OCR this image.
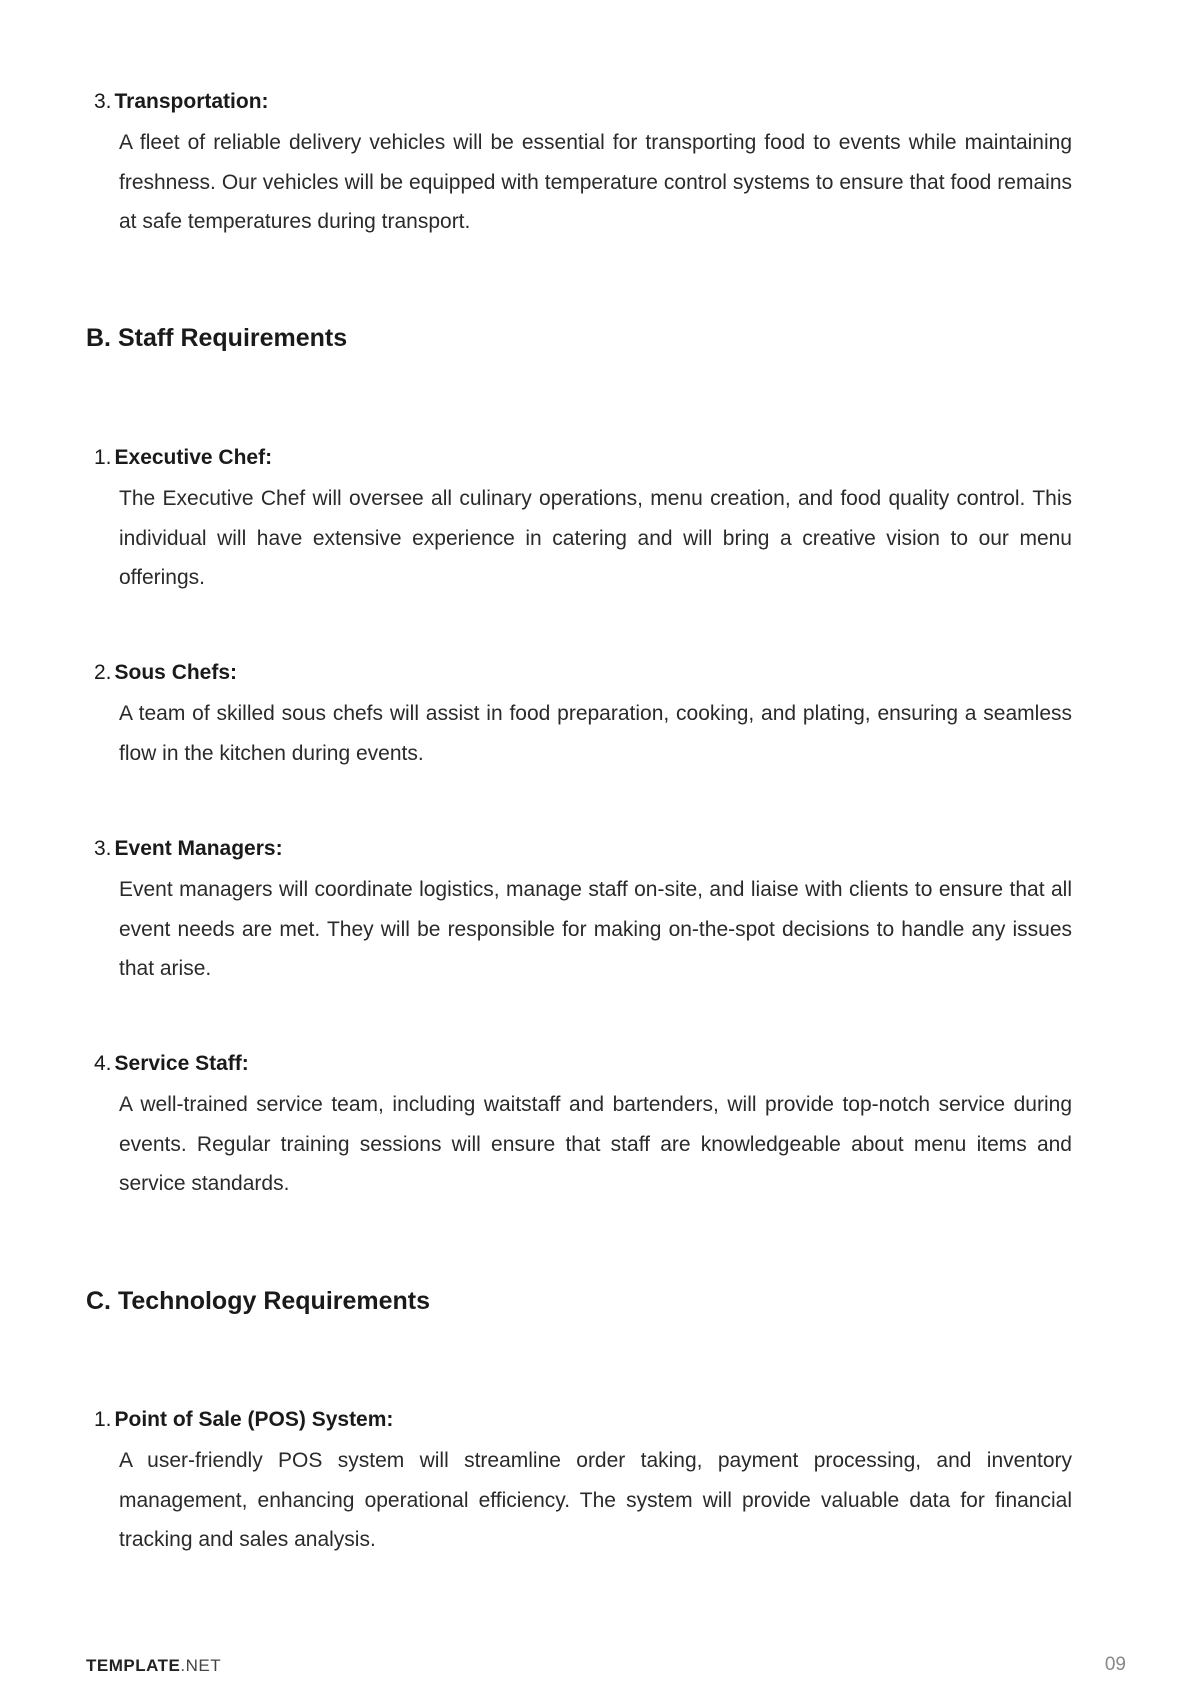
3. Transportation:

A fleet of reliable delivery vehicles will be essential for transporting food to events while maintaining freshness. Our vehicles will be equipped with temperature control systems to ensure that food remains at safe temperatures during transport.
B. Staff Requirements

1. Executive Chef:

The Executive Chef will oversee all culinary operations, menu creation, and food quality control. This individual will have extensive experience in catering and will bring a creative vision to our menu offerings.

2. Sous Chefs:

A team of skilled sous chefs will assist in food preparation, cooking, and plating, ensuring a seamless flow in the kitchen during events.

3. Event Managers:

Event managers will coordinate logistics, manage staff on-site, and liaise with clients to ensure that all event needs are met. They will be responsible for making on-the-spot decisions to handle any issues that arise.

4. Service Staff:

A well-trained service team, including waitstaff and bartenders, will provide top-notch service during events. Regular training sessions will ensure that staff are knowledgeable about menu items and service standards.
C. Technology Requirements

1. Point of Sale (POS) System:

A user-friendly POS system will streamline order taking, payment processing, and inventory management, enhancing operational efficiency. The system will provide valuable data for financial tracking and sales analysis.
TEMPLATE.NET	09
